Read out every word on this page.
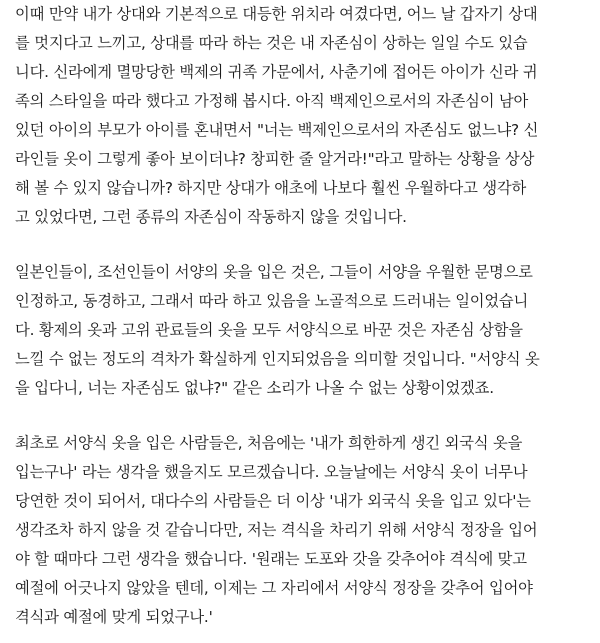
이때 만약 내가 상대와 기본적으로 대등한 위치라 여겼다면, 어느 날 갑자기 상대
를 멋지다고 느끼고, 상대를 따라 하는 것은 내 자존심이 상하는 일일 수도 있습
니다. 신라에게 멸망당한 백제의 귀족 가문에서, 사춘기에 접어든 아이가 신라 귀
족의 스타일을 따라 했다고 가정해 봅시다. 아직 백제인으로서의 자존심이 남아
있던 아이의 부모가 아이를 혼내면서 "너는 백제인으로서의 자존심도 없느냐? 신
라인들 옷이 그렇게 좋아 보이더냐? 창피한 줄 알거라!"라고 말하는 상황을 상상
해 볼 수 있지 않습니까? 하지만 상대가 애초에 나보다 훨씬 우월하다고 생각하
고 있었다면, 그런 종류의 자존심이 작동하지 않을 것입니다.
일본인들이, 조선인들이 서양의 옷을 입은 것은, 그들이 서양을 우월한 문명으로
인정하고, 동경하고, 그래서 따라 하고 있음을 노골적으로 드러내는 일이었습니
다. 황제의 옷과 고위 관료들의 옷을 모두 서양식으로 바꾼 것은 자존심 상함을
느낄 수 없는 정도의 격차가 확실하게 인지되었음을 의미할 것입니다. "서양식 옷
을 입다니, 너는 자존심도 없냐?" 같은 소리가 나올 수 없는 상황이었겠죠.
최초로 서양식 옷을 입은 사람들은, 처음에는 '내가 희한하게 생긴 외국식 옷을
입는구나' 라는 생각을 했을지도 모르겠습니다. 오늘날에는 서양식 옷이 너무나
당연한 것이 되어서, 대다수의 사람들은 더 이상 '내가 외국식 옷을 입고 있다'는
생각조차 하지 않을 것 같습니다만, 저는 격식을 차리기 위해 서양식 정장을 입어
야 할 때마다 그런 생각을 했습니다. '원래는 도포와 갓을 갖추어야 격식에 맞고
예절에 어긋나지 않았을 텐데, 이제는 그 자리에서 서양식 정장을 갖추어 입어야
격식과 예절에 맞게 되었구나.'
